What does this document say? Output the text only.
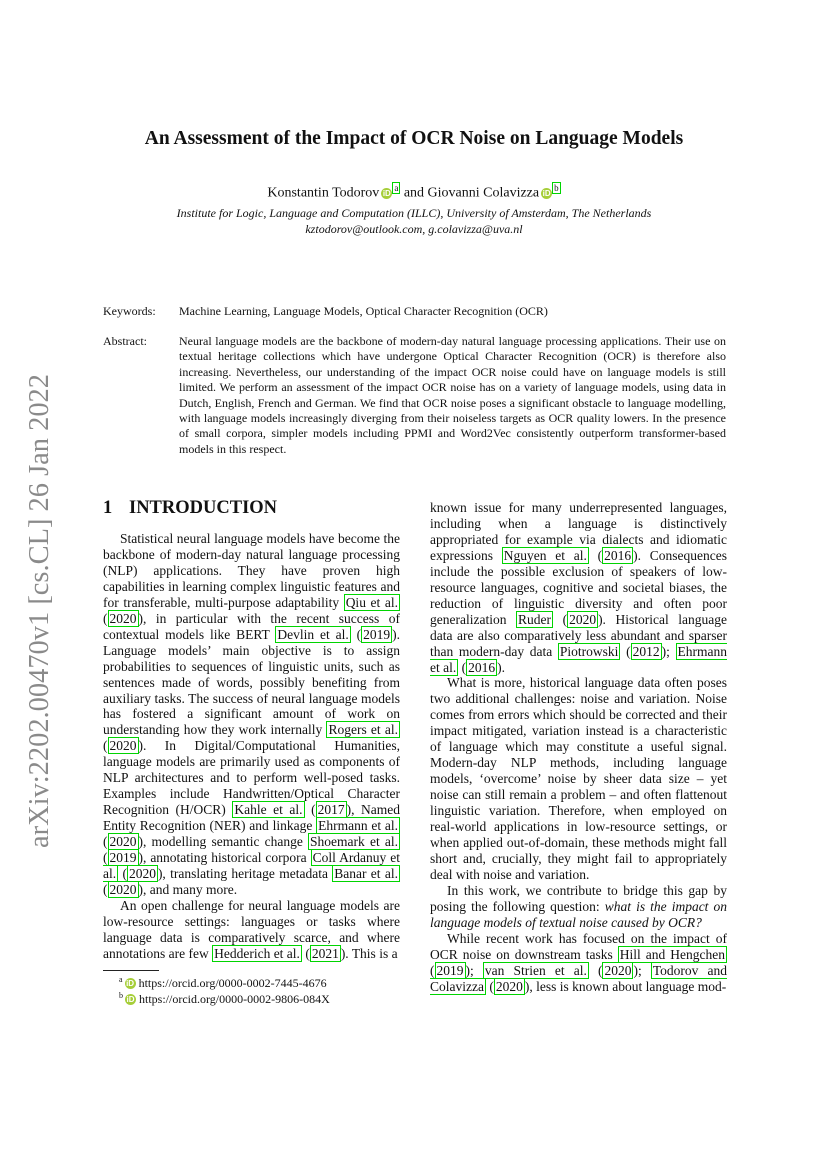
arXiv:2202.00470v1 [cs.CL] 26 Jan 2022
An Assessment of the Impact of OCR Noise on Language Models
Konstantin Todorov iD$^a$ and Giovanni Colavizza iD$^b$
Institute for Logic, Language and Computation (ILLC), University of Amsterdam, The Netherlands
kztodorov@outlook.com, g.colavizza@uva.nl
Keywords: Machine Learning, Language Models, Optical Character Recognition (OCR)
Abstract:	Neural language models are the backbone of modern-day natural language processing applications. Their use on textual heritage collections which have undergone Optical Character Recognition (OCR) is therefore also increasing. Nevertheless, our understanding of the impact OCR noise could have on language models is still limited. We perform an assessment of the impact OCR noise has on a variety of language models, using data in Dutch, English, French and German. We find that OCR noise poses a significant obstacle to language modelling, with language models increasingly diverging from their noiseless targets as OCR quality lowers. In the presence of small corpora, simpler models including PPMI and Word2Vec consistently outperform transformer-based models in this respect.
1 INTRODUCTION

Statistical neural language models have become the backbone of modern-day natural language processing (NLP) applications. They have proven high capabilities in learning complex linguistic features and for transferable, multi-purpose adaptability Qiu et al. ( 2020 ), in particular with the recent success of contextual models like BERT Devlin et al. ( 2019 ). Language models’ main objective is to assign probabilities to sequences of linguistic units, such as sentences made of words, possibly benefiting from auxiliary tasks. The success of neural language models has fostered a significant amount of work on understanding how they work internally Rogers et al. ( 2020 ). In Digital/Computational Humanities, language models are primarily used as components of NLP architectures and to perform well-posed tasks. Examples include Handwritten/Optical Character Recognition (H/OCR) Kahle et al. ( 2017 ), Named Entity Recognition (NER) and linkage Ehrmann et al. ( 2020 ), modelling semantic change Shoemark et al. ( 2019 ), annotating historical corpora Coll Ardanuy et al. ( 2020 ), translating heritage metadata Banar et al. ( 2020 ), and many more.

An open challenge for neural language models are low-resource settings: languages or tasks where language data is comparatively scarce, and where annotations are few Hedderich et al. ( 2021 ). This is a

$^a$ iD https://orcid.org/0000-0002-7445-4676
$^b$ iD https://orcid.org/0000-0002-9806-084X

known issue for many underrepresented languages, including when a language is distinctively appropriated for example via dialects and idiomatic expressions Nguyen et al. ( 2016 ). Consequences include the possible exclusion of speakers of low-resource languages, cognitive and societal biases, the reduction of linguistic diversity and often poor generalization Ruder ( 2020 ). Historical language data are also comparatively less abundant and sparser than modern-day data Piotrowski ( 2012 ); Ehrmann et al. ( 2016 ).

What is more, historical language data often poses two additional challenges: noise and variation. Noise comes from errors which should be corrected and their impact mitigated, variation instead is a characteristic of language which may constitute a useful signal. Modern-day NLP methods, including language models, ‘overcome’ noise by sheer data size – yet noise can still remain a problem – and often flattenout linguistic variation. Therefore, when employed on real-world applications in low-resource settings, or when applied out-of-domain, these methods might fall short and, crucially, they might fail to appropriately deal with noise and variation.

In this work, we contribute to bridge this gap by posing the following question: what is the impact on language models of textual noise caused by OCR?

While recent work has focused on the impact of OCR noise on downstream tasks Hill and Hengchen ( 2019 ); van Strien et al. ( 2020 ); Todorov and Colavizza ( 2020 ), less is known about language mod-
